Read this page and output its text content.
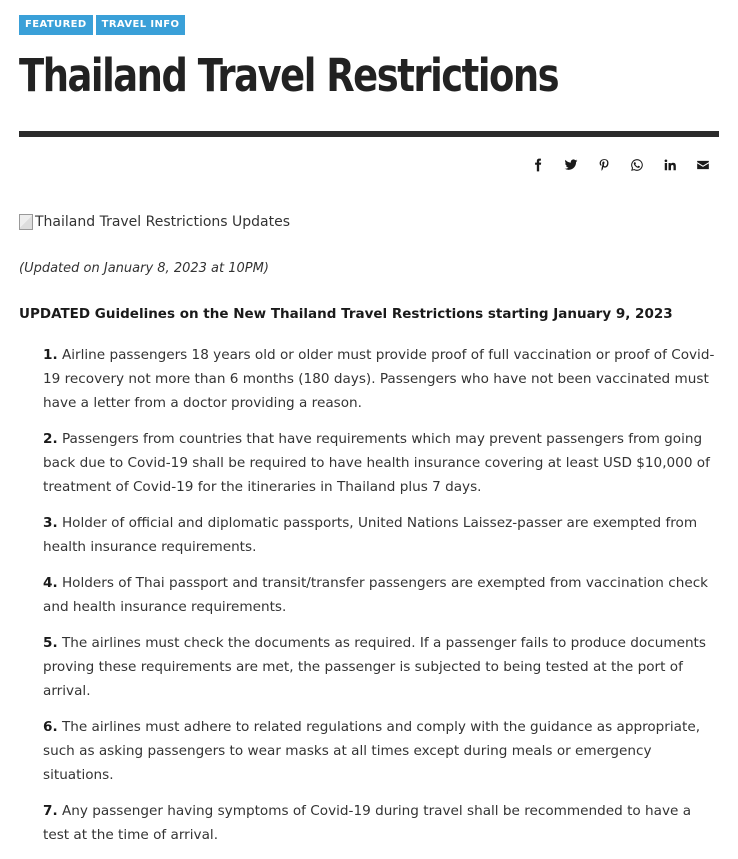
FEATURED	TRAVEL INFO
Thailand Travel Restrictions
Thailand Travel Restrictions Updates
(Updated on January 8, 2023 at 10PM)
UPDATED Guidelines on the New Thailand Travel Restrictions starting January 9, 2023
1. Airline passengers 18 years old or older must provide proof of full vaccination or proof of Covid-19 recovery not more than 6 months (180 days). Passengers who have not been vaccinated must have a letter from a doctor providing a reason.
2. Passengers from countries that have requirements which may prevent passengers from going back due to Covid-19 shall be required to have health insurance covering at least USD $10,000 of treatment of Covid-19 for the itineraries in Thailand plus 7 days.
3. Holder of official and diplomatic passports, United Nations Laissez-passer are exempted from health insurance requirements.
4. Holders of Thai passport and transit/transfer passengers are exempted from vaccination check and health insurance requirements.
5. The airlines must check the documents as required. If a passenger fails to produce documents proving these requirements are met, the passenger is subjected to being tested at the port of arrival.
6. The airlines must adhere to related regulations and comply with the guidance as appropriate, such as asking passengers to wear masks at all times except during meals or emergency situations.
7. Any passenger having symptoms of Covid-19 during travel shall be recommended to have a test at the time of arrival.
